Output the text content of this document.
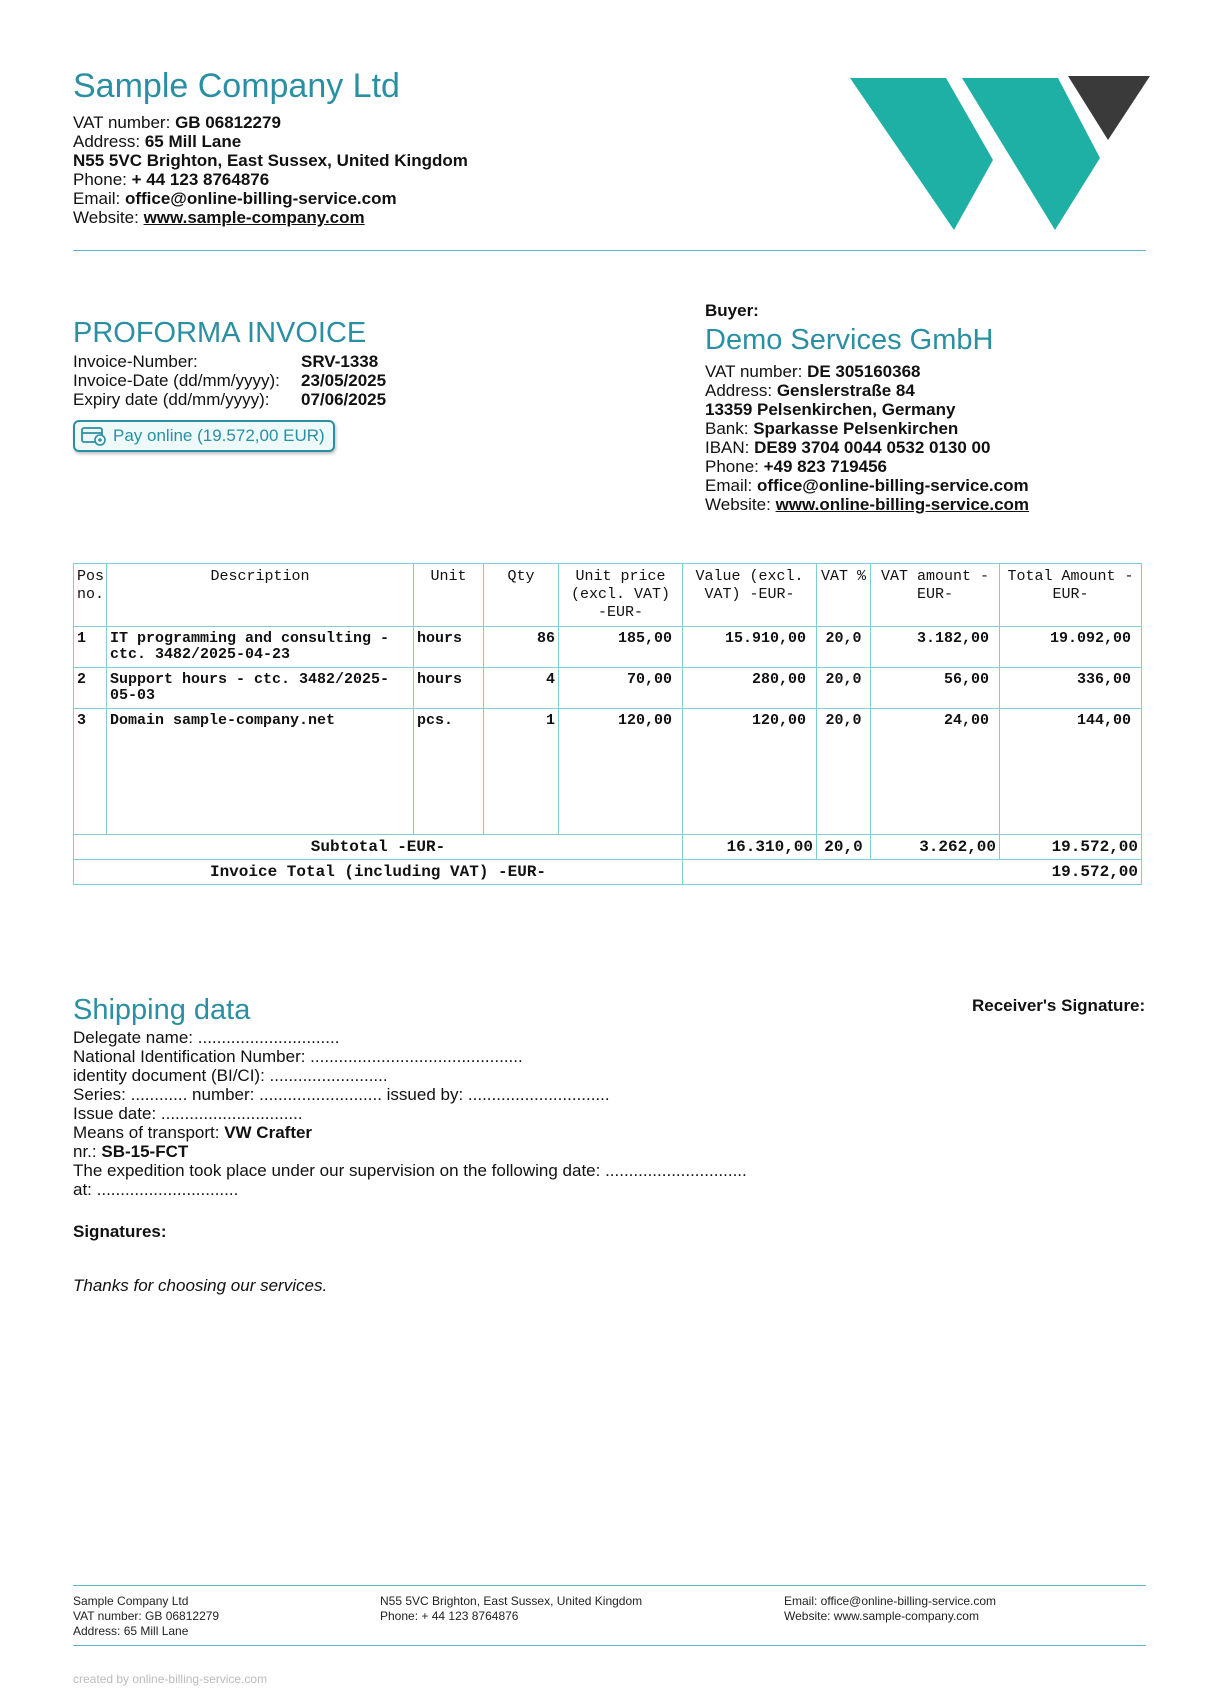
Sample Company Ltd
VAT number: GB 06812279
Address: 65 Mill Lane
N55 5VC Brighton, East Sussex, United Kingdom
Phone: + 44 123 8764876
Email: office@online-billing-service.com
Website: www.sample-company.com
PROFORMA INVOICE
Invoice-Number:	SRV-1338
Invoice-Date (dd/mm/yyyy):	23/05/2025
Expiry date (dd/mm/yyyy):	07/06/2025
Pay online (19.572,00 EUR)
Buyer:
Demo Services GmbH
VAT number: DE 305160368
Address: Genslerstraße 84
13359 Pelsenkirchen, Germany
Bank: Sparkasse Pelsenkirchen
IBAN: DE89 3704 0044 0532 0130 00
Phone: +49 823 719456
Email: office@online-billing-service.com
Website: www.online-billing-service.com
Pos no.	Description	Unit	Qty	Unit price (excl. VAT) -EUR-	Value (excl. VAT) -EUR-	VAT %	VAT amount -EUR-	Total Amount -EUR-
1	IT programming and consulting - ctc. 3482/2025-04-23	hours	86	185,00	15.910,00	20,0	3.182,00	19.092,00
2	Support hours - ctc. 3482/2025-05-03	hours	4	70,00	280,00	20,0	56,00	336,00
3	Domain sample-company.net	pcs.	1	120,00	120,00	20,0	24,00	144,00
Subtotal -EUR-					16.310,00	20,0	3.262,00	19.572,00
Invoice Total (including VAT) -EUR-					19.572,00			
Shipping data	Receiver's Signature:
Delegate name: ..............................
National Identification Number: .............................................
identity document (BI/CI): .........................
Series: ............ number: .......................... issued by: ..............................
Issue date: ..............................
Means of transport: VW Crafter
nr.: SB-15-FCT
The expedition took place under our supervision on the following date: ..............................
at: ..............................
Signatures:
Thanks for choosing our services.
Sample Company Ltd
VAT number: GB 06812279
Address: 65 Mill Lane
N55 5VC Brighton, East Sussex, United Kingdom
Phone: + 44 123 8764876
Email: office@online-billing-service.com
Website: www.sample-company.com
created by online-billing-service.com
